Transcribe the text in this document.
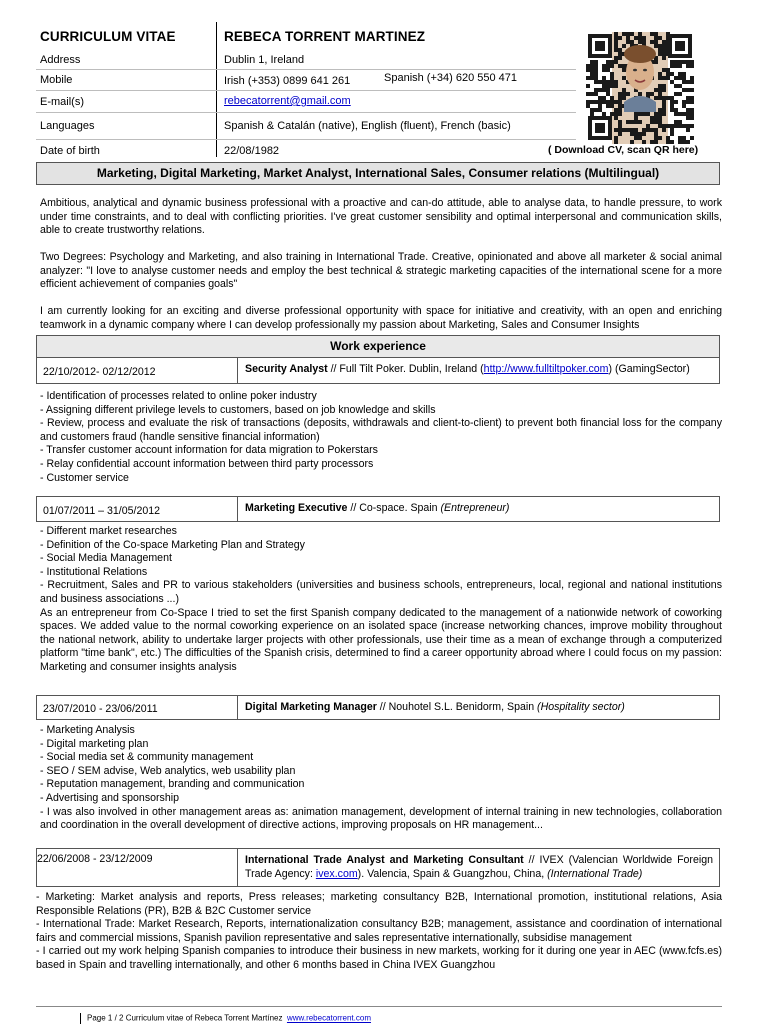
CURRICULUM VITAE	REBECA TORRENT MARTINEZ
Address	Dublin 1, Ireland
Mobile	Irish (+353) 0899 641 261	Spanish (+34) 620 550 471
E-mail(s)	rebecatorrent@gmail.com
Languages	Spanish & Catalán (native), English (fluent), French (basic)
Date of birth	22/08/1982	( Download CV, scan QR here)
Marketing, Digital Marketing, Market Analyst, International Sales, Consumer relations (Multilingual)
Ambitious, analytical and dynamic business professional with a proactive and can-do attitude, able to analyse data, to handle pressure, to work under time constraints, and to deal with conflicting priorities. I've great customer sensibility and optimal interpersonal and communication skills, able to create trustworthy relations.
Two Degrees: Psychology and Marketing, and also training in International Trade. Creative, opinionated and above all marketer & social animal analyzer: "I love to analyse customer needs and employ the best technical & strategic marketing capacities of the international scene for a more efficient achievement of companies goals"
I am currently looking for an exciting and diverse professional opportunity with space for initiative and creativity, with an open and enriching teamwork in a dynamic company where I can develop professionally my passion about Marketing, Sales and Consumer Insights
Work experience
22/10/2012- 02/12/2012	Security Analyst // Full Tilt Poker. Dublin, Ireland (http://www.fulltiltpoker.com) (GamingSector)
- Identification of processes related to online poker industry
- Assigning different privilege levels to customers, based on job knowledge and skills
- Review, process and evaluate the risk of transactions (deposits, withdrawals and client-to-client) to prevent both financial loss for the company and customers fraud (handle sensitive financial information)
- Transfer customer account information for data migration to Pokerstars
- Relay confidential account information between third party processors
- Customer service
01/07/2011 – 31/05/2012	Marketing Executive // Co-space. Spain (Entrepreneur)
- Different market researches
- Definition of the Co-space Marketing Plan and Strategy
- Social Media Management
- Institutional Relations
- Recruitment, Sales and PR to various stakeholders (universities and business schools, entrepreneurs, local, regional and national institutions and business associations ...)
As an entrepreneur from Co-Space I tried to set the first Spanish company dedicated to the management of a nationwide network of coworking spaces. We added value to the normal coworking experience on an isolated space (increase networking chances, improve mobility throughout the national network, ability to undertake larger projects with other professionals, use their time as a mean of exchange through a computerized platform "time bank", etc.) The difficulties of the Spanish crisis, determined to find a career opportunity abroad where I could focus on my passion: Marketing and consumer insights analysis
23/07/2010 - 23/06/2011	Digital Marketing Manager // Nouhotel S.L. Benidorm, Spain (Hospitality sector)
- Marketing Analysis
- Digital marketing plan
- Social media set & community management
- SEO / SEM advise, Web analytics, web usability plan
- Reputation management, branding and communication
- Advertising and sponsorship
- I was also involved in other management areas as: animation management, development of internal training in new technologies, collaboration and coordination in the overall development of directive actions, improving proposals on HR management...
22/06/2008 - 23/12/2009	International Trade Analyst and Marketing Consultant // IVEX (Valencian Worldwide Foreign Trade Agency: ivex.com). Valencia, Spain & Guangzhou, China, (International Trade)
- Marketing: Market analysis and reports, Press releases; marketing consultancy B2B, International promotion, institutional relations, Asia Responsible Relations (PR), B2B & B2C Customer service
- International Trade: Market Research, Reports, internationalization consultancy B2B; management, assistance and coordination of international fairs and commercial missions, Spanish pavilion representative and sales representative internationally, subsidise management
- I carried out my work helping Spanish companies to introduce their business in new markets, working for it during one year in AEC (www.fcfs.es) based in Spain and travelling internationally, and other 6 months based in China IVEX Guangzhou
Page 1 / 2 Curriculum vitae of Rebeca Torrent Martínez www.rebecatorrent.com
